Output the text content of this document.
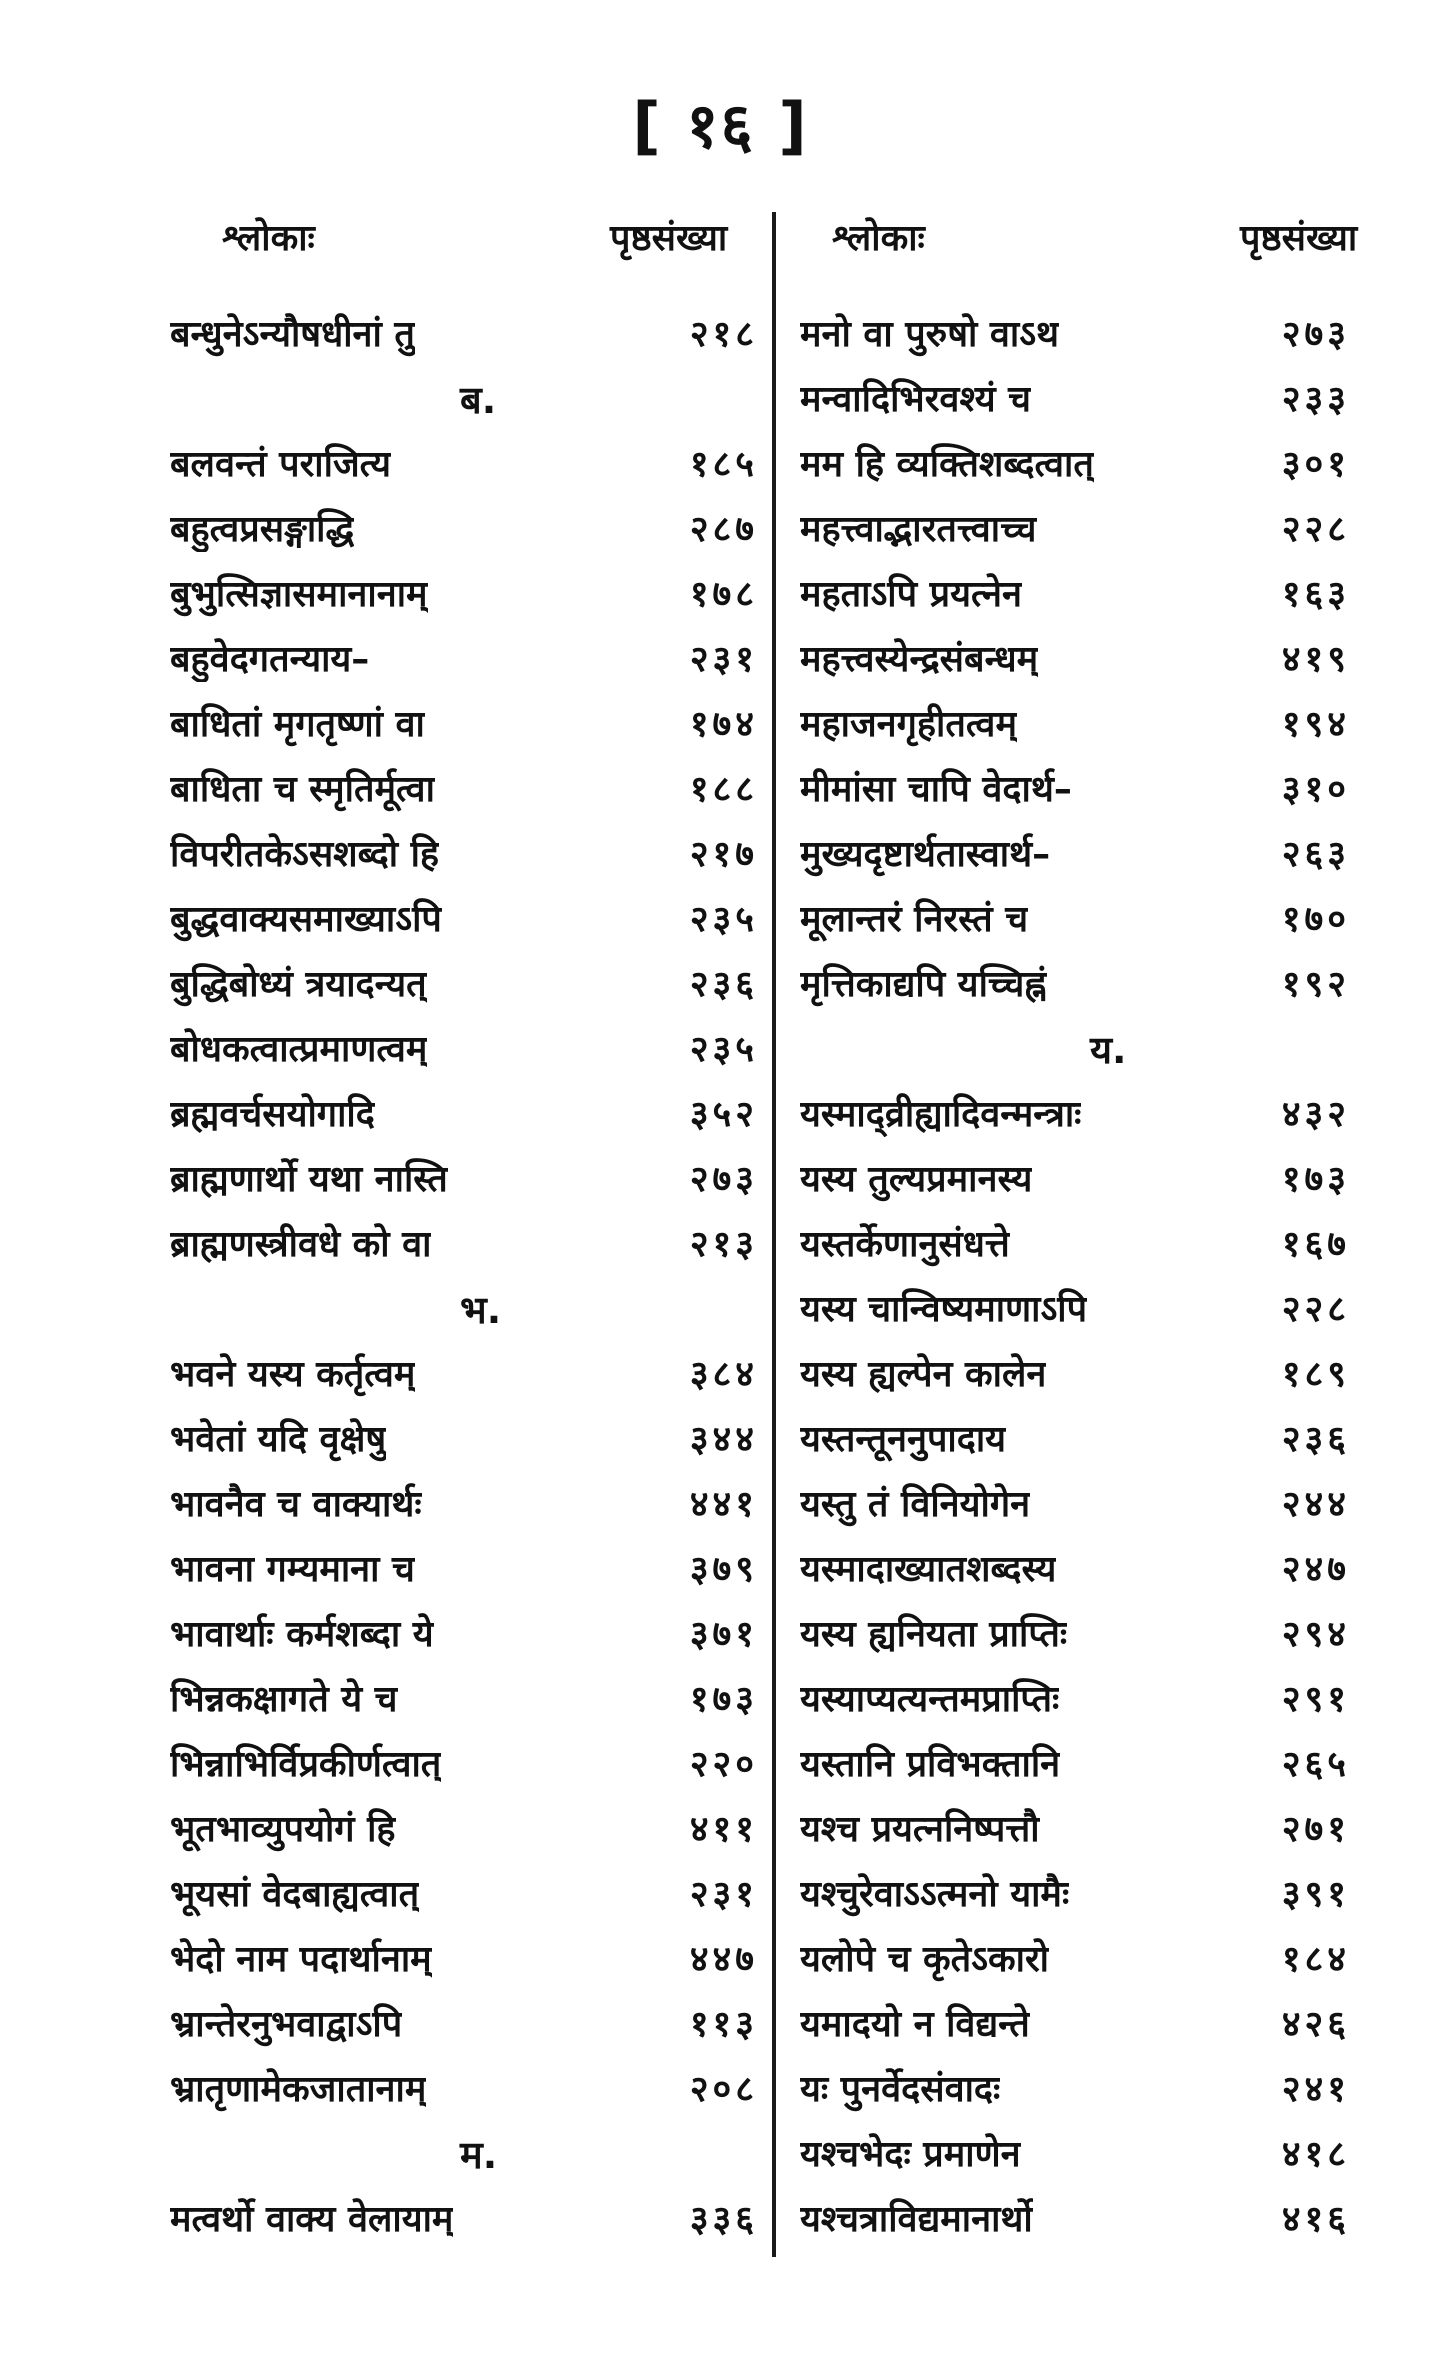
[ १६ ]
श्लोकाः	पृष्ठसंख्या	श्लोकाः	पृष्ठसंख्या
बन्धुनेऽन्यौषधीनां तु	२१८
ब.
बलवन्तं पराजित्य	१८५
बहुत्वप्रसङ्गाद्धि	२८७
बुभुत्सिज्ञासमानानाम्	१७८
बहुवेदगतन्याय–	२३१
बाधितां मृगतृष्णां वा	१७४
बाधिता च स्मृतिर्मूत्वा	१८८
विपरीतकेऽसशब्दो हि	२१७
बुद्धवाक्यसमाख्याऽपि	२३५
बुद्धिबोध्यं त्रयादन्यत्	२३६
बोधकत्वात्प्रमाणत्वम्	२३५
ब्रह्मवर्चसयोगादि	३५२
ब्राह्मणार्थो यथा नास्ति	२७३
ब्राह्मणस्त्रीवधे को वा	२१३
भ.
भवने यस्य कर्तृत्वम्	३८४
भवेतां यदि वृक्षेषु	३४४
भावनैव च वाक्यार्थः	४४१
भावना गम्यमाना च	३७९
भावार्थाः कर्मशब्दा ये	३७१
भिन्नकक्षागते ये च	१७३
भिन्नाभिर्विप्रकीर्णत्वात्	२२०
भूतभाव्युपयोगं हि	४११
भूयसां वेदबाह्यत्वात्	२३१
भेदो नाम पदार्थानाम्	४४७
भ्रान्तेरनुभवाद्वाऽपि	११३
भ्रातृणामेकजातानाम्	२०८
म.
मत्वर्थो वाक्य वेलायाम्	३३६
मनो वा पुरुषो वाऽथ	२७३
मन्वादिभिरवश्यं च	२३३
मम हि व्यक्तिशब्दत्वात्	३०१
महत्त्वाद्भारतत्त्वाच्च	२२८
महताऽपि प्रयत्नेन	१६३
महत्त्वस्येन्द्रसंबन्धम्	४१९
महाजनगृहीतत्वम्	१९४
मीमांसा चापि वेदार्थ–	३१०
मुख्यदृष्टार्थतास्वार्थ–	२६३
मूलान्तरं निरस्तं च	१७०
मृत्तिकाद्यपि यच्चिह्नं	१९२
य.
यस्माद्व्रीह्यादिवन्मन्त्राः	४३२
यस्य तुल्यप्रमानस्य	१७३
यस्तर्केणानुसंधत्ते	१६७
यस्य चान्विष्यमाणाऽपि	२२८
यस्य ह्यल्पेन कालेन	१८९
यस्तन्तूननुपादाय	२३६
यस्तु तं विनियोगेन	२४४
यस्मादाख्यातशब्दस्य	२४७
यस्य ह्यनियता प्राप्तिः	२९४
यस्याप्यत्यन्तमप्राप्तिः	२९१
यस्तानि प्रविभक्तानि	२६५
यश्च प्रयत्ननिष्पत्तौ	२७१
यश्चुरेवाऽऽत्मनो यामैः	३९१
यलोपे च कृतेऽकारो	१८४
यमादयो न विद्यन्ते	४२६
यः पुनर्वेदसंवादः	२४१
यश्चभेदः प्रमाणेन	४१८
यश्चत्राविद्यमानार्थो	४१६
